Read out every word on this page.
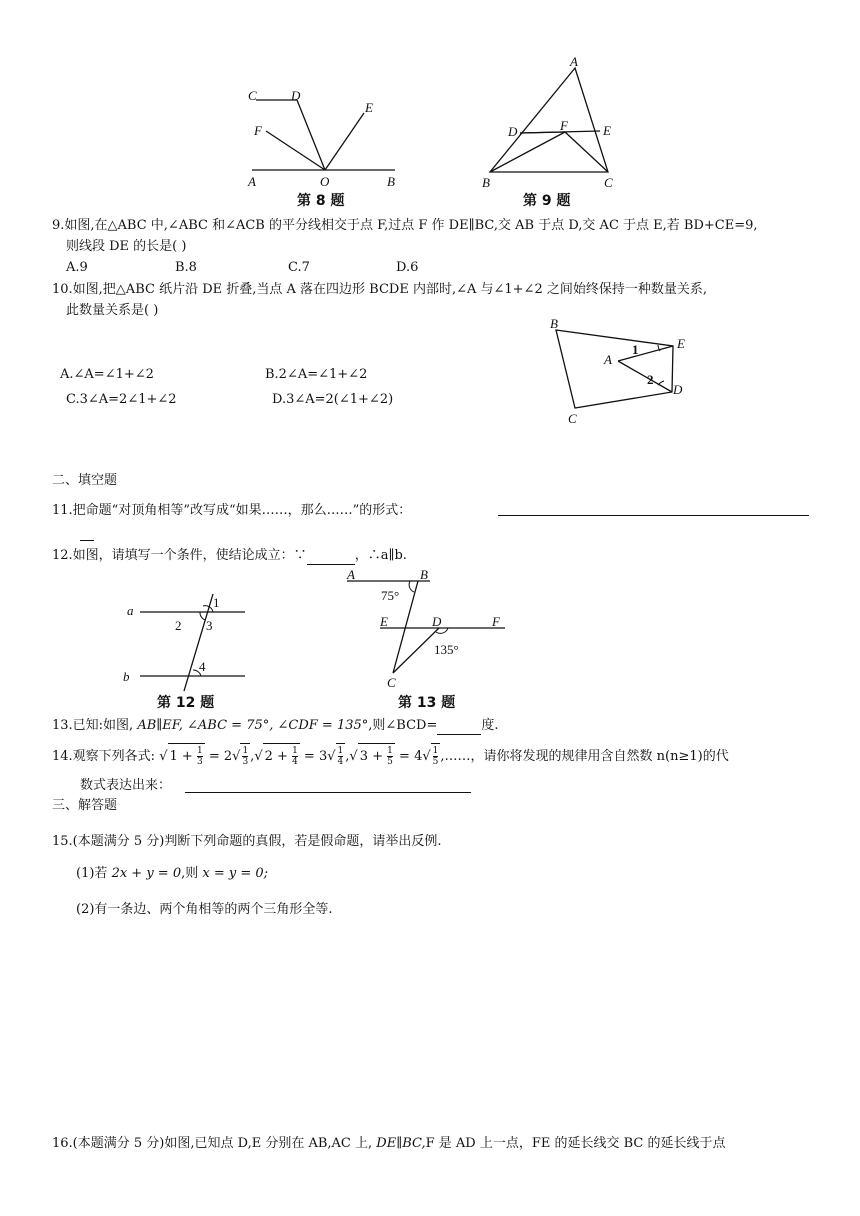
C	D
E
F
A	O	B
第 8 题
A
D	F	E
B	C
第 9 题
9.如图,在△ABC 中,∠ABC 和∠ACB 的平分线相交于点 F,过点 F 作 DE∥BC,交 AB 于点 D,交 AC 于点 E,若 BD+CE=9,
则线段 DE 的长是( )
A.9	B.8	C.7	D.6
10.如图,把△ABC 纸片沿 DE 折叠,当点 A 落在四边形 BCDE 内部时,∠A 与∠1+∠2 之间始终保持一种数量关系,
此数量关系是( )
A.∠A=∠1+∠2	B.2∠A=∠1+∠2
C.3∠A=2∠1+∠2	D.3∠A=2(∠1+∠2)
B
A
1	E
2
D
C
二、填空题
11.把命题“对顶角相等”改写成“如果……，那么……”的形式：
12.如图，请填写一个条件，使结论成立：∵	，∴a∥b.
a
1
2 3
b
4
第 12 题
A	B
75°
E	D	F
135°
C
第 13 题
13.已知:如图, AB∥EF, ∠ABC = 75°, ∠CDF = 135°,则∠BCD=	度.
14.观察下列各式: √ $1 + \frac{1}{3} = 2√ \frac{1}{3}$ ,√ $2 + \frac{1}{4} = 3√ \frac{1}{4}$ ,√ $3 + \frac{1}{5} = 4√ \frac{1}{5}$ ,……，请你将发现的规律用含自然数 n(n≥1)的代
数式表达出来：
三、解答题
15.(本题满分 5 分)判断下列命题的真假，若是假命题，请举出反例.
(1)若 2x + y = 0,则 x = y = 0;
(2)有一条边、两个角相等的两个三角形全等.
16.(本题满分 5 分)如图,已知点 D,E 分别在 AB,AC 上, DE∥BC,F 是 AD 上一点，FE 的延长线交 BC 的延长线于点
